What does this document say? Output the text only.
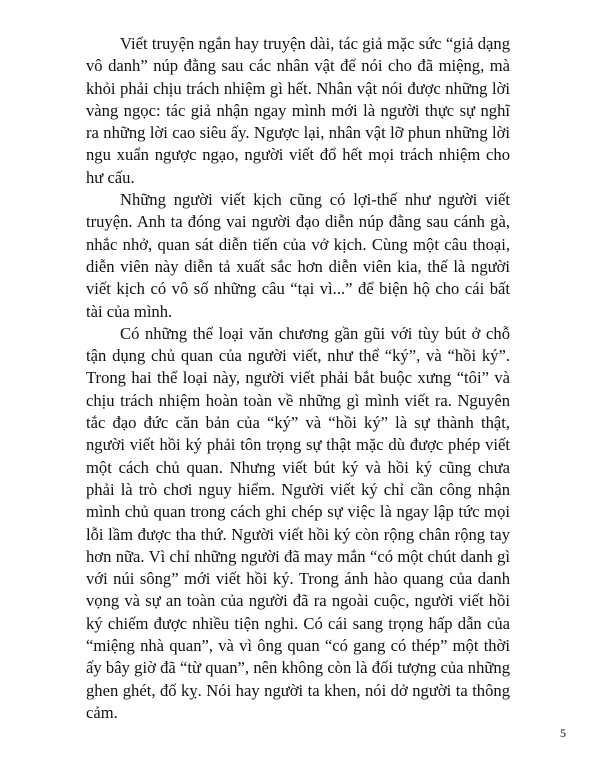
Viết truyện ngắn hay truyện dài, tác giả mặc sức “giả dạng vô danh” núp đằng sau các nhân vật để nói cho đã miệng, mà khỏi phải chịu trách nhiệm gì hết. Nhân vật nói được những lời vàng ngọc: tác giả nhận ngay mình mới là người thực sự nghĩ ra những lời cao siêu ấy. Ngược lại, nhân vật lỡ phun những lời ngu xuẩn ngược ngạo, người viết đổ hết mọi trách nhiệm cho hư cấu.

Những người viết kịch cũng có lợi-thế như người viết truyện. Anh ta đóng vai người đạo diễn núp đằng sau cánh gà, nhắc nhở, quan sát diễn tiến của vở kịch. Cùng một câu thoại, diễn viên này diễn tả xuất sắc hơn diễn viên kia, thế là người viết kịch có vô số những câu “tại vì...” để biện hộ cho cái bất tài của mình.

Có những thể loại văn chương gần gũi với tùy bút ở chỗ tận dụng chủ quan của người viết, như thể “ký”, và “hồi ký”. Trong hai thể loại này, người viết phải bắt buộc xưng “tôi” và chịu trách nhiệm hoàn toàn về những gì mình viết ra. Nguyên tắc đạo đức căn bản của “ký” và “hồi ký” là sự thành thật, người viết hồi ký phải tôn trọng sự thật mặc dù được phép viết một cách chủ quan. Nhưng viết bút ký và hồi ký cũng chưa phải là trò chơi nguy hiểm. Người viết ký chỉ cần công nhận mình chủ quan trong cách ghi chép sự việc là ngay lập tức mọi lỗi lầm được tha thứ. Người viết hồi ký còn rộng chân rộng tay hơn nữa. Vì chỉ những người đã may mắn “có một chút danh gì với núi sông” mới viết hồi ký. Trong ánh hào quang của danh vọng và sự an toàn của người đã ra ngoài cuộc, người viết hồi ký chiếm được nhiều tiện nghi. Có cái sang trọng hấp dẫn của “miệng nhà quan”, và vì ông quan “có gang có thép” một thời ấy bây giờ đã “từ quan”, nên không còn là đối tượng của những ghen ghét, đố kỵ. Nói hay người ta khen, nói dở người ta thông cảm.

5
